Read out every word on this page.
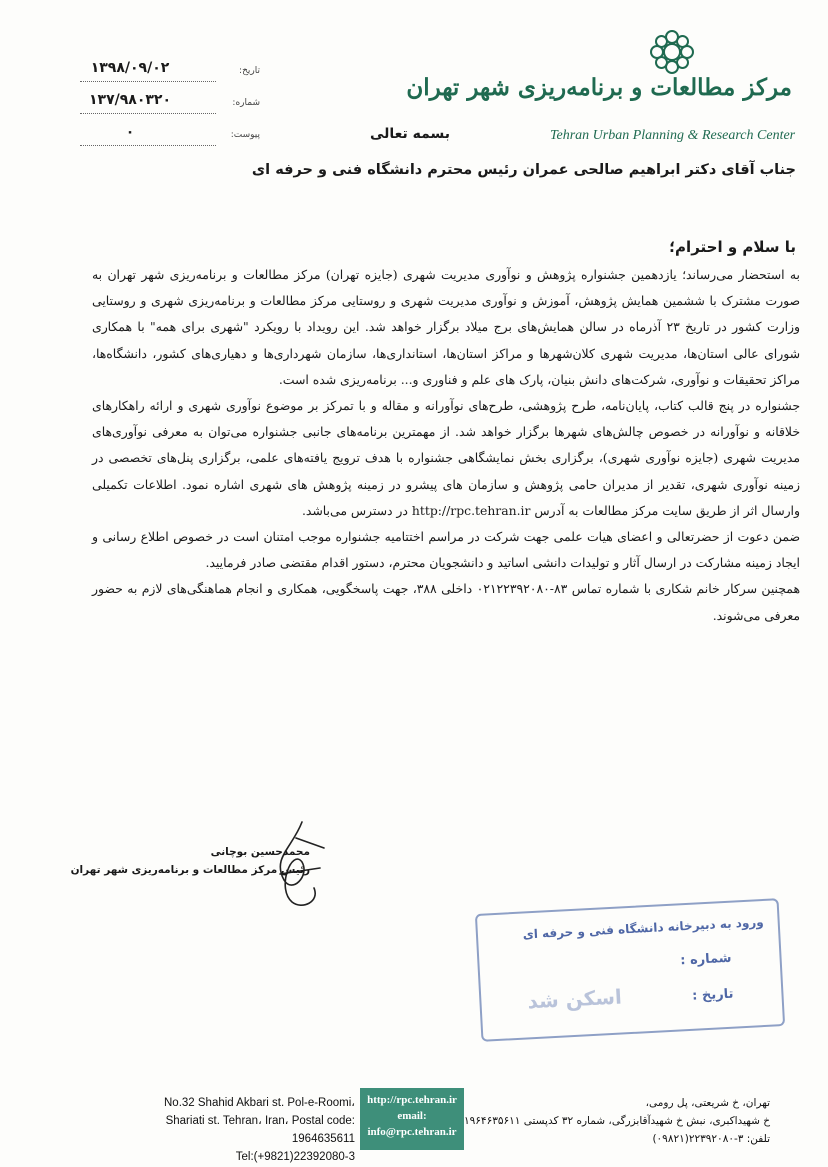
مرکز مطالعات و برنامه‌ریزی شهر تهران
Tehran Urban Planning & Research Center
تاریخ:
۱۳۹۸/۰۹/۰۲
شماره:
۱۳۷/۹۸۰۳۲۰
پیوست:
۰	بسمه تعالی
جناب آقای دکتر ابراهیم صالحی عمران رئیس محترم دانشگاه فنی و حرفه ای
با سلام و احترام؛

به استحضار می‌رساند؛ یازدهمین جشنواره پژوهش و نوآوری مدیریت شهری (جایزه تهران) مرکز مطالعات و برنامه‌ریزی شهر تهران به صورت مشترک با ششمین همایش پژوهش، آموزش و نوآوری مدیریت شهری و روستایی مرکز مطالعات و برنامه‌ریزی شهری و روستایی وزارت کشور در تاریخ ۲۳ آذرماه در سالن همایش‌های برج میلاد برگزار خواهد شد. این رویداد با رویکرد "شهری برای همه" با همکاری شورای عالی استان‌ها، مدیریت شهری کلان‌شهرها و مراکز استان‌ها، استانداری‌ها، سازمان شهرداری‌ها و دهیاری‌های کشور، دانشگاه‌ها، مراکز تحقیقات و نوآوری، شرکت‌های دانش بنیان، پارک های علم و فناوری و... برنامه‌ریزی شده است.

جشنواره در پنج قالب کتاب، پایان‌نامه، طرح پژوهشی، طرح‌های نوآورانه و مقاله و با تمرکز بر موضوع نوآوری شهری و ارائه راهکارهای خلاقانه و نوآورانه در خصوص چالش‌های شهرها برگزار خواهد شد. از مهمترین برنامه‌های جانبی جشنواره می‌توان به معرفی نوآوری‌های مدیریت شهری (جایزه نوآوری شهری)، برگزاری بخش نمایشگاهی جشنواره با هدف ترویج یافته‌های علمی، برگزاری پنل‌های تخصصی در زمینه نوآوری شهری، تقدیر از مدیران حامی پژوهش و سازمان های پیشرو در زمینه پژوهش های شهری اشاره نمود. اطلاعات تکمیلی وارسال اثر از طریق سایت مرکز مطالعات به آدرس http://rpc.tehran.ir در دسترس می‌باشد.

ضمن دعوت از حضرتعالی و اعضای هیات علمی جهت شرکت در مراسم اختتامیه جشنواره موجب امتنان است در خصوص اطلاع رسانی و ایجاد زمینه مشارکت در ارسال آثار و تولیدات دانشی اساتید و دانشجویان محترم، دستور اقدام مقتضی صادر فرمایید.

همچنین سرکار خانم شکاری با شماره تماس ۸۳-۰۲۱۲۲۳۹۲۰۸۰ داخلی ۳۸۸، جهت پاسخگویی، همکاری و انجام هماهنگی‌های لازم به حضور معرفی می‌شوند.

محمدحسین بوچانی
رئیس مرکز مطالعات و برنامه‌ریزی شهر تهران
ورود به دبیرخانه دانشگاه فنی و حرفه ای
شماره :
تاریخ :
اسکن شد
No.32 Shahid Akbari st. Pol-e-Roomi،
Shariati st. Tehran، Iran، Postal code: 1964635611
Tel:(+9821)22392080-3
http://rpc.tehran.ir
email:
info@rpc.tehran.ir
تهران، خ شریعتی، پل رومی،
خ شهیداکبری، نبش خ شهیدآقابزرگی، شماره ۳۲ کدپستی ۱۹۶۴۶۳۵۶۱۱
تلفن: ۳-۲۲۳۹۲۰۸۰(۰۹۸۲۱)
